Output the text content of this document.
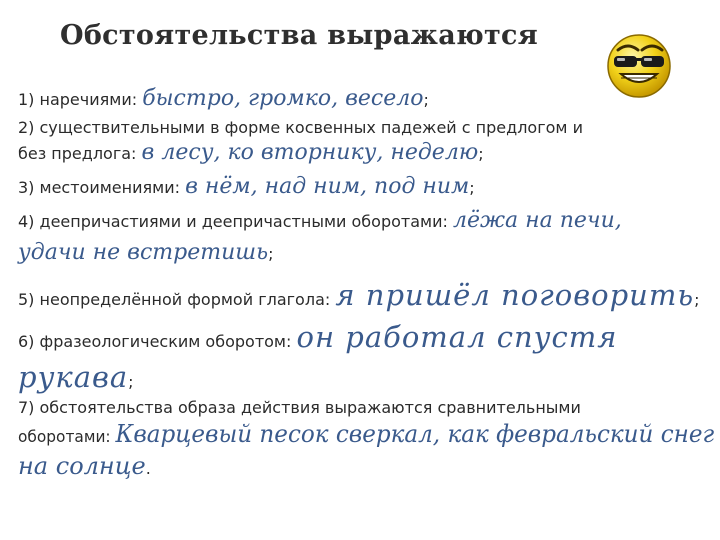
Обстоятельства выражаются
1) наречиями: быстро, громко, весело;
2) существительными в форме косвенных падежей с предлогом и
без предлога: в лесу, ко вторнику, неделю;
3) местоимениями: в нём, над ним, под ним;
4) деепричастиями и деепричастными оборотами: лёжа на печи,
удачи не встретишь;
5) неопределённой формой глагола: я пришёл поговорить;
6) фразеологическим оборотом: он работал спустя
рукава;
7) обстоятельства образа действия выражаются сравнительными
оборотами: Кварцевый песок сверкал, как февральский снег
на солнце.
